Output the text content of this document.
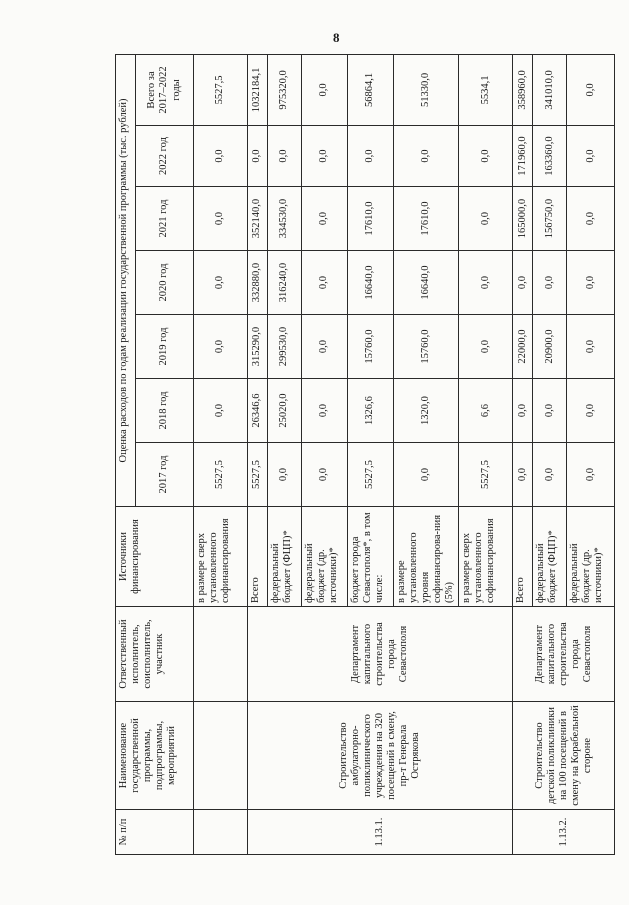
8
№ п/п	Наименование государственной программы, подпрограммы, мероприятий	Ответственный исполнитель, соисполнитель, участник	Источники финансирования	Оценка расходов по годам реализации государственной программы (тыс. рублей)						
				2017 год	2018 год	2019 год	2020 год	2021 год	2022 год	Всего за 2017–2022 годы
			в размере сверх установленного софинансирования	5527,5	0,0	0,0	0,0	0,0	0,0	5527,5
1.13.1.	Строительство амбулаторно-поликлинического учреждения на 320 посещений в смену, пр-т Генерала Острякова	Департамент капитального строительства города Севастополя	Всего	5527,5	26346,6	315290,0	332880,0	352140,0	0,0	1032184,1
			федеральный бюджет (ФЦП)*	0,0	25020,0	299530,0	316240,0	334530,0	0,0	975320,0
			федеральный бюджет (др. источники)*	0,0	0,0	0,0	0,0	0,0	0,0	0,0
			бюджет города Севастополя*, в том числе:	5527,5	1326,6	15760,0	16640,0	17610,0	0,0	56864,1
			в размере установленного уровня софинансирова-ния (5%)	0,0	1320,0	15760,0	16640,0	17610,0	0,0	51330,0
			в размере сверх установленного софинансирования	5527,5	6,6	0,0	0,0	0,0	0,0	5534,1
1.13.2.	Строительство детской поликлиники на 100 посещений в смену на Корабельной стороне	Департамент капитального строительства города Севастополя	Всего	0,0	0,0	22000,0	0,0	165000,0	171960,0	358960,0
			федеральный бюджет (ФЦП)*	0,0	0,0	20900,0	0,0	156750,0	163360,0	341010,0
			федеральный бюджет (др. источники)*	0,0	0,0	0,0	0,0	0,0	0,0	0,0
